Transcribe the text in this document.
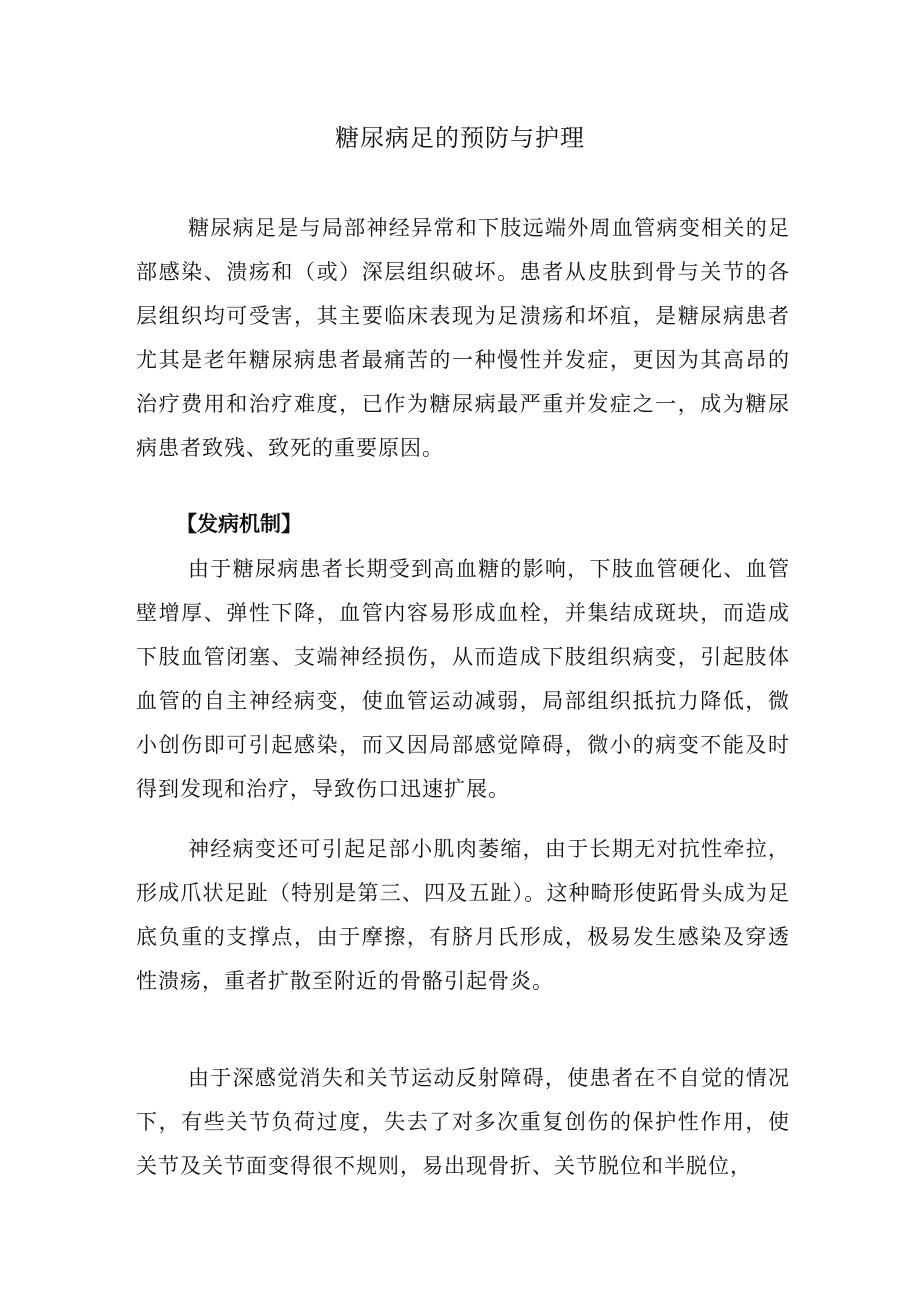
糖尿病足的预防与护理

糖尿病足是与局部神经异常和下肢远端外周血管病变相关的足部感染、溃疡和（或）深层组织破坏。患者从皮肤到骨与关节的各层组织均可受害，其主要临床表现为足溃疡和坏疽，是糖尿病患者尤其是老年糖尿病患者最痛苦的一种慢性并发症，更因为其高昂的治疗费用和治疗难度，已作为糖尿病最严重并发症之一，成为糖尿病患者致残、致死的重要原因。

【发病机制】

由于糖尿病患者长期受到高血糖的影响，下肢血管硬化、血管壁增厚、弹性下降，血管内容易形成血栓，并集结成斑块，而造成下肢血管闭塞、支端神经损伤，从而造成下肢组织病变，引起肢体血管的自主神经病变，使血管运动减弱，局部组织抵抗力降低，微小创伤即可引起感染，而又因局部感觉障碍，微小的病变不能及时得到发现和治疗，导致伤口迅速扩展。

神经病变还可引起足部小肌肉萎缩，由于长期无对抗性牵拉，形成爪状足趾（特别是第三、四及五趾）。这种畸形使跖骨头成为足底负重的支撑点，由于摩擦，有脐月氏形成，极易发生感染及穿透性溃疡，重者扩散至附近的骨骼引起骨炎。

由于深感觉消失和关节运动反射障碍，使患者在不自觉的情况下，有些关节负荷过度，失去了对多次重复创伤的保护性作用，使关节及关节面变得很不规则，易出现骨折、关节脱位和半脱位，
